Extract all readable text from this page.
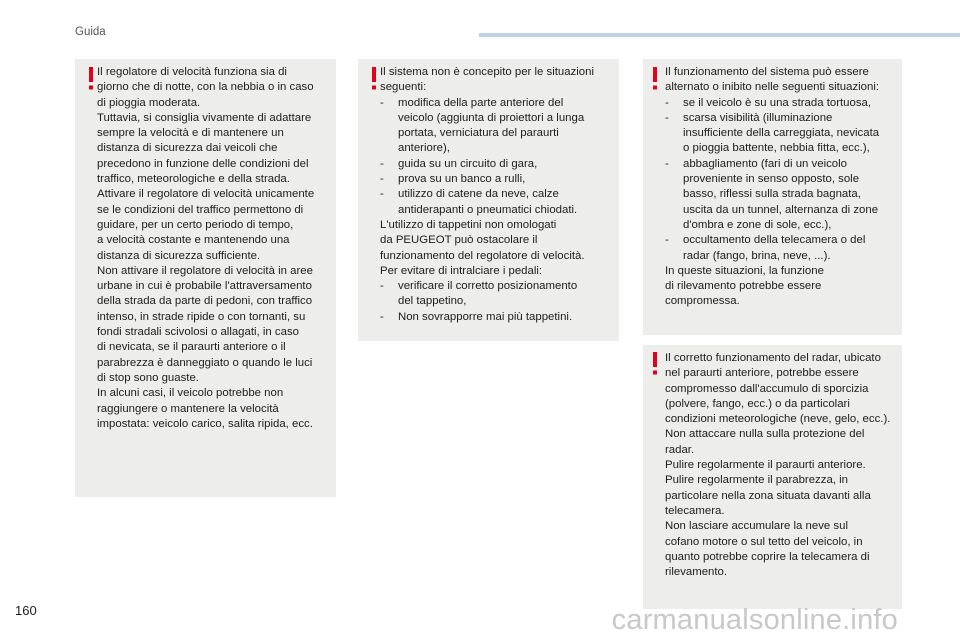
Guida

Il regolatore di velocità funziona sia di

giorno che di notte, con la nebbia o in caso

di pioggia moderata.

Tuttavia, si consiglia vivamente di adattare

sempre la velocità e di mantenere un

distanza di sicurezza dai veicoli che

precedono in funzione delle condizioni del

traffico, meteorologiche e della strada.

Attivare il regolatore di velocità unicamente

se le condizioni del traffico permettono di

guidare, per un certo periodo di tempo,

a velocità costante e mantenendo una

distanza di sicurezza sufficiente.

Non attivare il regolatore di velocità in aree

urbane in cui è probabile l'attraversamento

della strada da parte di pedoni, con traffico

intenso, in strade ripide o con tornanti, su

fondi stradali scivolosi o allagati, in caso

di nevicata, se il paraurti anteriore o il

parabrezza è danneggiato o quando le luci

di stop sono guaste.

In alcuni casi, il veicolo potrebbe non

raggiungere o mantenere la velocità

impostata: veicolo carico, salita ripida, ecc.

Il sistema non è concepito per le situazioni

seguenti:

- modifica della parte anteriore del

veicolo (aggiunta di proiettori a lunga

portata, verniciatura del paraurti

anteriore),

- guida su un circuito di gara,

- prova su un banco a rulli,

- utilizzo di catene da neve, calze

antiderapanti o pneumatici chiodati.

L'utilizzo di tappetini non omologati

da PEUGEOT può ostacolare il

funzionamento del regolatore di velocità.

Per evitare di intralciare i pedali:

- verificare il corretto posizionamento

del tappetino,

- Non sovrapporre mai più tappetini.

Il funzionamento del sistema può essere

alternato o inibito nelle seguenti situazioni:

- se il veicolo è su una strada tortuosa,

- scarsa visibilità (illuminazione

insufficiente della carreggiata, nevicata

o pioggia battente, nebbia fitta, ecc.),

- abbagliamento (fari di un veicolo

proveniente in senso opposto, sole

basso, riflessi sulla strada bagnata,

uscita da un tunnel, alternanza di zone

d'ombra e zone di sole, ecc.),

- occultamento della telecamera o del

radar (fango, brina, neve, ...).

In queste situazioni, la funzione

di rilevamento potrebbe essere

compromessa.

Il corretto funzionamento del radar, ubicato

nel paraurti anteriore, potrebbe essere

compromesso dall'accumulo di sporcizia

(polvere, fango, ecc.) o da particolari

condizioni meteorologiche (neve, gelo, ecc.).

Non attaccare nulla sulla protezione del

radar.

Pulire regolarmente il paraurti anteriore.

Pulire regolarmente il parabrezza, in

particolare nella zona situata davanti alla

telecamera.

Non lasciare accumulare la neve sul

cofano motore o sul tetto del veicolo, in

quanto potrebbe coprire la telecamera di

rilevamento.

160	carmanualsonline.info
